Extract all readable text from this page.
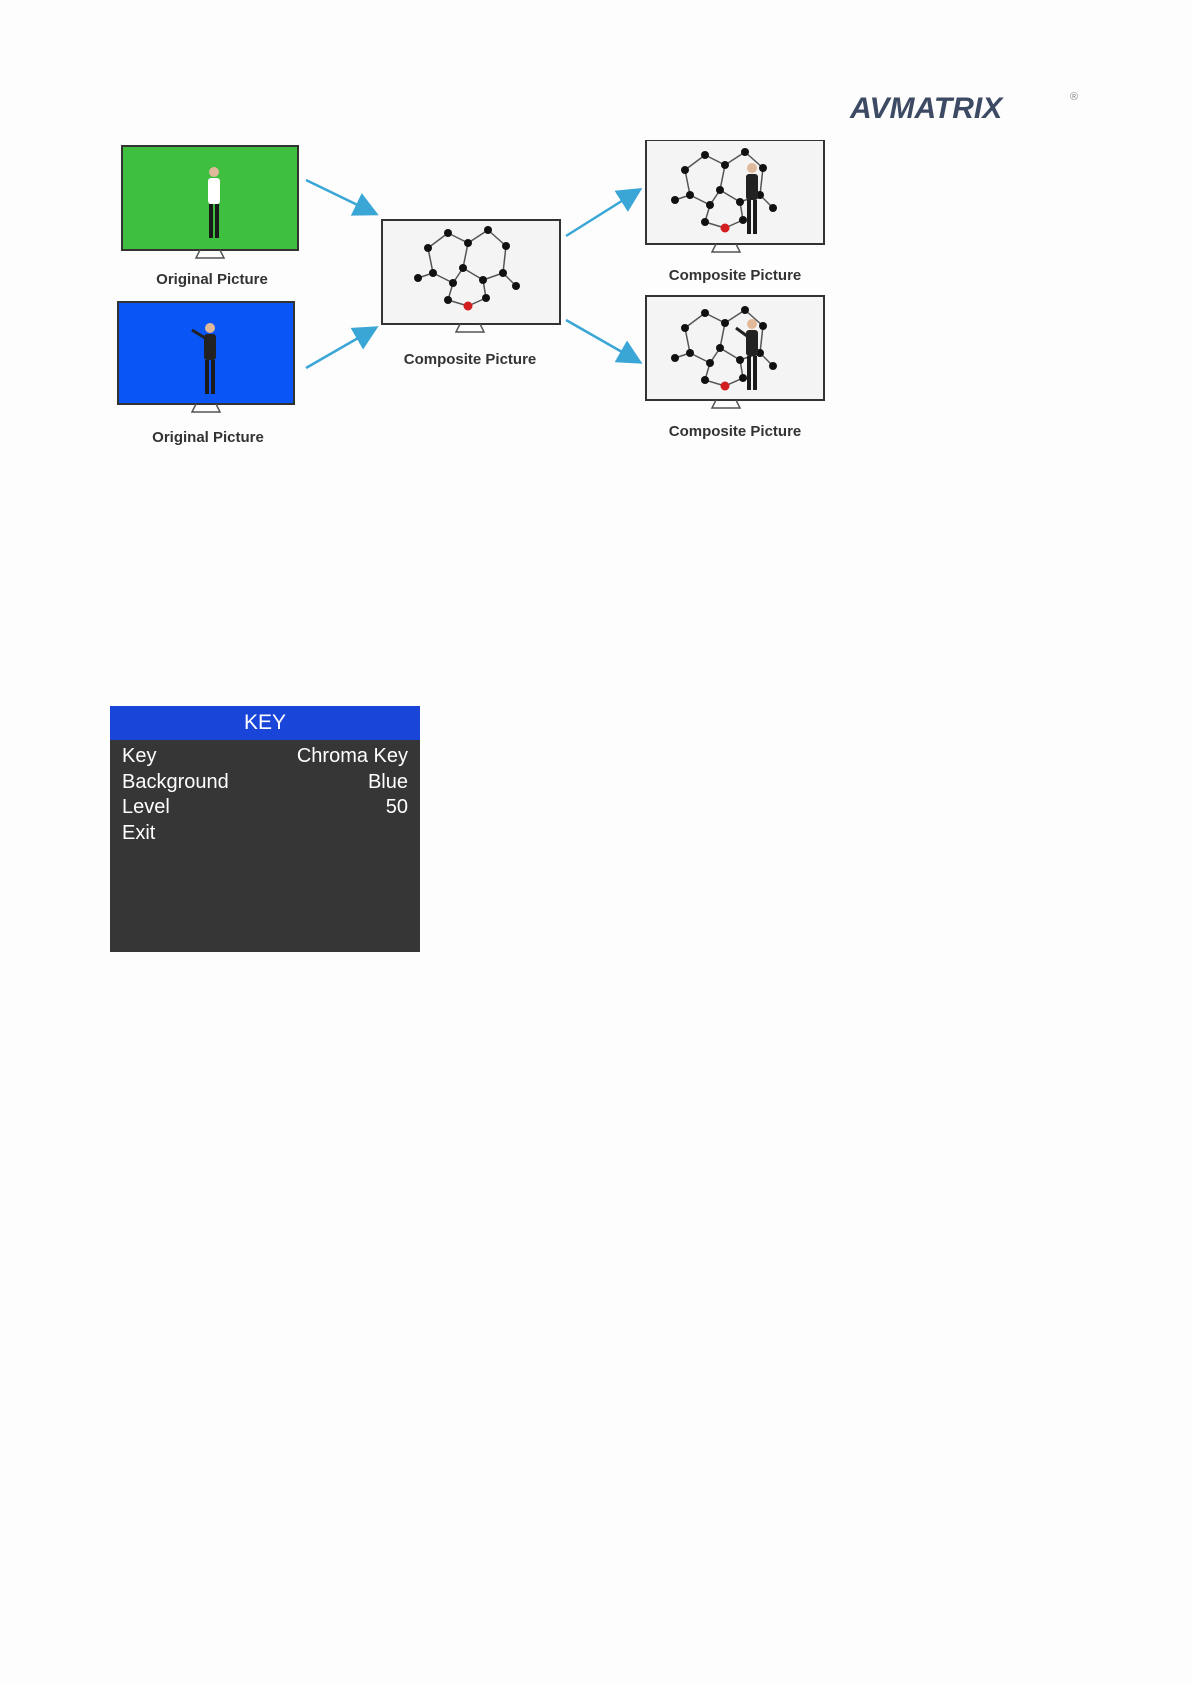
AVMATRIX	®
Original Picture
Original Picture
Composite Picture
Composite Picture
Composite Picture
KEY
Key	Chroma Key
Background	Blue
Level	50
Exit
